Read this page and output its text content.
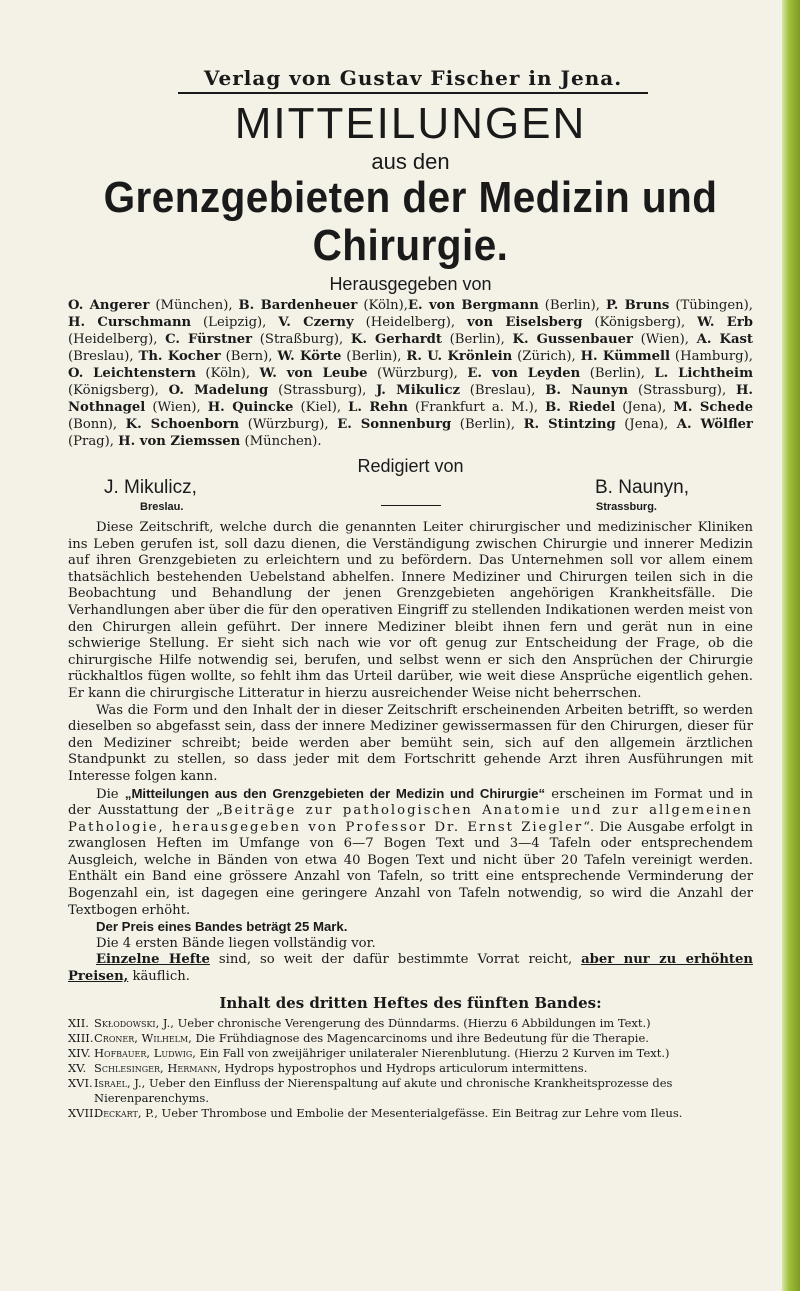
Verlag von Gustav Fischer in Jena.
MITTEILUNGEN
aus den
Grenzgebieten der Medizin und Chirurgie.
Herausgegeben von
O. Angerer (München), B. Bardenheuer (Köln),E. von Bergmann (Berlin), P. Bruns (Tübingen), H. Curschmann (Leipzig), V. Czerny (Heidelberg), von Eiselsberg (Königsberg), W. Erb (Heidelberg), C. Fürstner (Straßburg), K. Gerhardt (Berlin), K. Gussenbauer (Wien), A. Kast (Breslau), Th. Kocher (Bern), W. Körte (Berlin), R. U. Krönlein (Zürich), H. Kümmell (Hamburg), O. Leichtenstern (Köln), W. von Leube (Würzburg), E. von Leyden (Berlin), L. Lichtheim (Königsberg), O. Madelung (Strassburg), J. Mikulicz (Breslau), B. Naunyn (Strassburg), H. Nothnagel (Wien), H. Quincke (Kiel), L. Rehn (Frankfurt a. M.), B. Riedel (Jena), M. Schede (Bonn), K. Schoenborn (Würzburg), E. Sonnenburg (Berlin), R. Stintzing (Jena), A. Wölfler (Prag), H. von Ziemssen (München).
Redigiert von
J. Mikulicz,	B. Naunyn,
Breslau.	Strassburg.

Diese Zeitschrift, welche durch die genannten Leiter chirurgischer und medizinischer Kliniken ins Leben gerufen ist, soll dazu dienen, die Verständigung zwischen Chirurgie und innerer Medizin auf ihren Grenzgebieten zu erleichtern und zu befördern. Das Unternehmen soll vor allem einem thatsächlich bestehenden Uebelstand abhelfen. Innere Mediziner und Chirurgen teilen sich in die Beobachtung und Behandlung der jenen Grenzgebieten angehörigen Krankheitsfälle. Die Verhandlungen aber über die für den operativen Eingriff zu stellenden Indikationen werden meist von den Chirurgen allein geführt. Der innere Mediziner bleibt ihnen fern und gerät nun in eine schwierige Stellung. Er sieht sich nach wie vor oft genug zur Entscheidung der Frage, ob die chirurgische Hilfe notwendig sei, berufen, und selbst wenn er sich den Ansprüchen der Chirurgie rückhaltlos fügen wollte, so fehlt ihm das Urteil darüber, wie weit diese Ansprüche eigentlich gehen. Er kann die chirurgische Litteratur in hierzu ausreichender Weise nicht beherrschen.

Was die Form und den Inhalt der in dieser Zeitschrift erscheinenden Arbeiten betrifft, so werden dieselben so abgefasst sein, dass der innere Mediziner gewissermassen für den Chirurgen, dieser für den Mediziner schreibt; beide werden aber bemüht sein, sich auf den allgemein ärztlichen Standpunkt zu stellen, so dass jeder mit dem Fortschritt gehende Arzt ihren Ausführungen mit Interesse folgen kann.

Die „Mitteilungen aus den Grenzgebieten der Medizin und Chirurgie“ erscheinen im Format und in der Ausstattung der „Beiträge zur pathologischen Anatomie und zur allgemeinen Pathologie, herausgegeben von Professor Dr. Ernst Ziegler“. Die Ausgabe erfolgt in zwanglosen Heften im Umfange von 6—7 Bogen Text und 3—4 Tafeln oder entsprechendem Ausgleich, welche in Bänden von etwa 40 Bogen Text und nicht über 20 Tafeln vereinigt werden. Enthält ein Band eine grössere Anzahl von Tafeln, so tritt eine entsprechende Verminderung der Bogenzahl ein, ist dagegen eine geringere Anzahl von Tafeln notwendig, so wird die Anzahl der Textbogen erhöht.

Der Preis eines Bandes beträgt 25 Mark.

Die 4 ersten Bände liegen vollständig vor.

Einzelne Hefte sind, so weit der dafür bestimmte Vorrat reicht, aber nur zu erhöhten Preisen, käuflich.

Inhalt des dritten Heftes des fünften Bandes:
XII. Skłodowski, J., Ueber chronische Verengerung des Dünndarms. (Hierzu 6 Abbildungen im Text.)
XIII. Croner, Wilhelm, Die Frühdiagnose des Magencarcinoms und ihre Bedeutung für die Therapie.
XIV. Hofbauer, Ludwig, Ein Fall von zweijähriger unilateraler Nierenblutung. (Hierzu 2 Kurven im Text.)
XV. Schlesinger, Hermann, Hydrops hypostrophos und Hydrops articulorum intermittens.
XVI. Israel, J., Ueber den Einfluss der Nierenspaltung auf akute und chronische Krankheitsprozesse des Nierenparenchyms.
XVII.
Deckart, P., Ueber Thrombose und Embolie der Mesenterialgefässe. Ein Beitrag zur Lehre vom Ileus.
